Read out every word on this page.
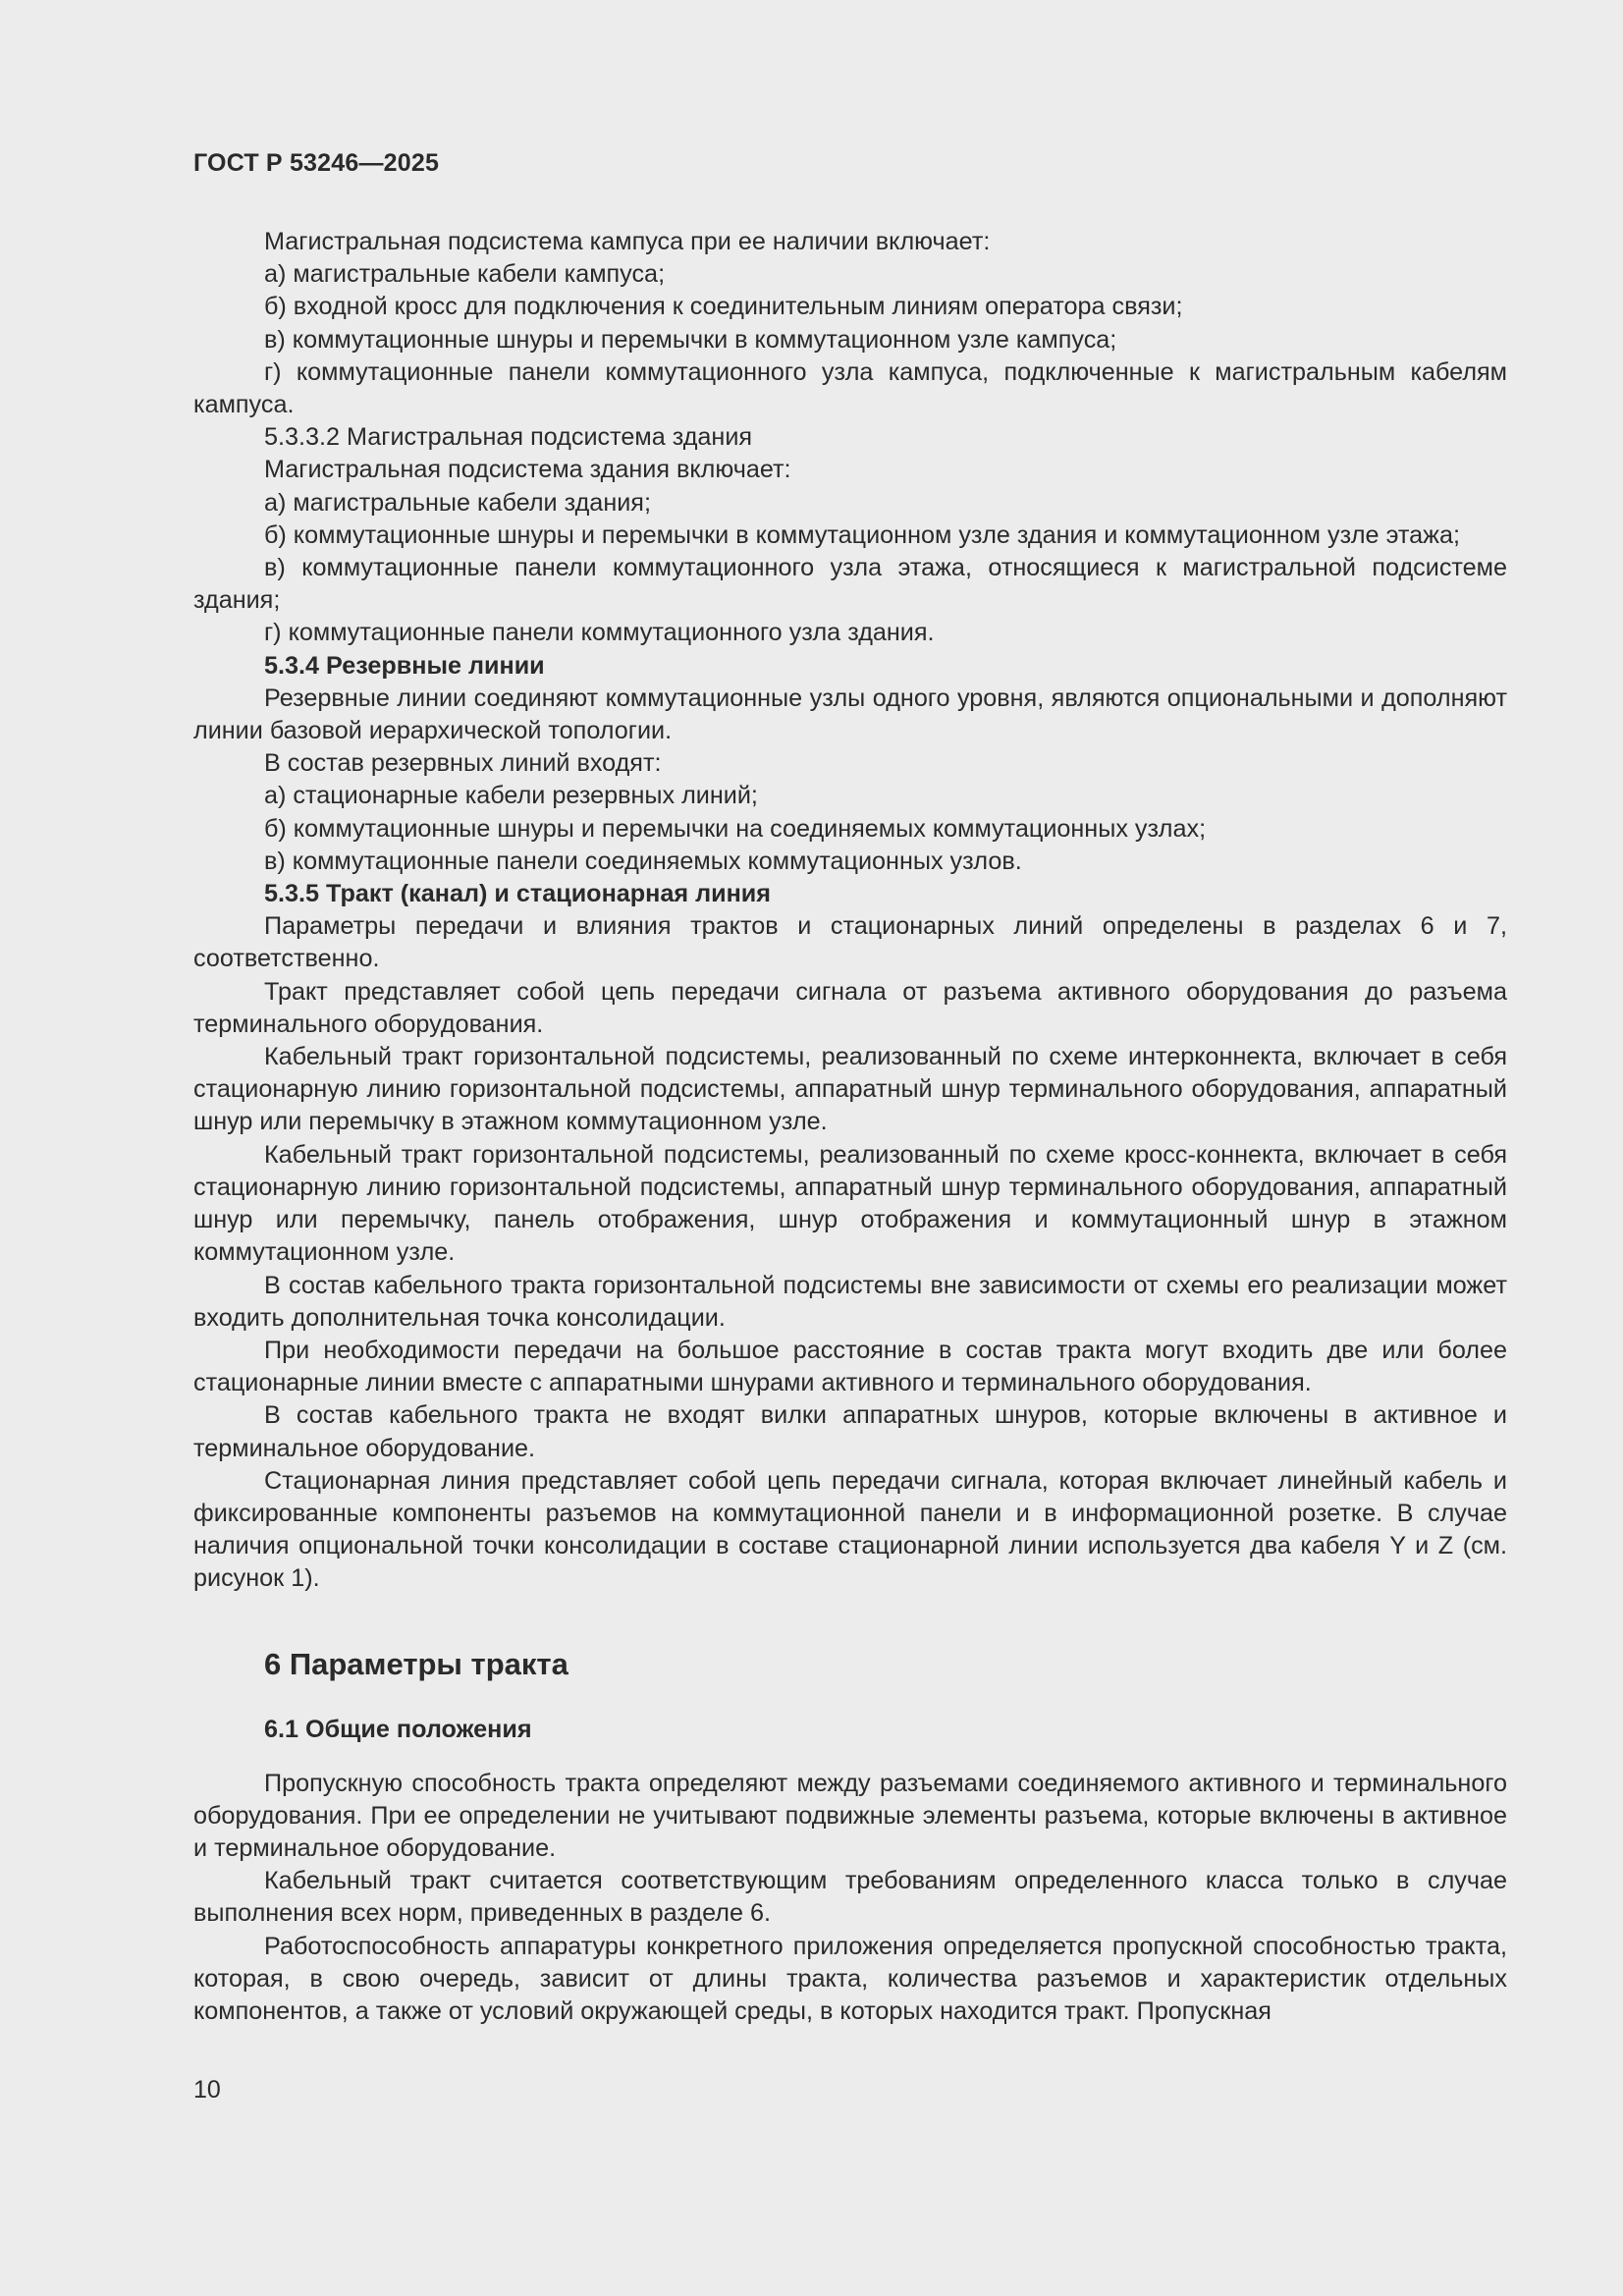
ГОСТ Р 53246—2025

Магистральная подсистема кампуса при ее наличии включает:

а) магистральные кабели кампуса;

б) входной кросс для подключения к соединительным линиям оператора связи;

в) коммутационные шнуры и перемычки в коммутационном узле кампуса;

г) коммутационные панели коммутационного узла кампуса, подключенные к магистральным кабелям кампуса.

5.3.3.2 Магистральная подсистема здания

Магистральная подсистема здания включает:

а) магистральные кабели здания;

б) коммутационные шнуры и перемычки в коммутационном узле здания и коммутационном узле этажа;

в) коммутационные панели коммутационного узла этажа, относящиеся к магистральной подсистеме здания;

г) коммутационные панели коммутационного узла здания.

5.3.4 Резервные линии

Резервные линии соединяют коммутационные узлы одного уровня, являются опциональными и дополняют линии базовой иерархической топологии.

В состав резервных линий входят:

а) стационарные кабели резервных линий;

б) коммутационные шнуры и перемычки на соединяемых коммутационных узлах;

в) коммутационные панели соединяемых коммутационных узлов.

5.3.5 Тракт (канал) и стационарная линия

Параметры передачи и влияния трактов и стационарных линий определены в разделах 6 и 7, соответственно.

Тракт представляет собой цепь передачи сигнала от разъема активного оборудования до разъема терминального оборудования.

Кабельный тракт горизонтальной подсистемы, реализованный по схеме интерконнекта, включает в себя стационарную линию горизонтальной подсистемы, аппаратный шнур терминального оборудования, аппаратный шнур или перемычку в этажном коммутационном узле.

Кабельный тракт горизонтальной подсистемы, реализованный по схеме кросс-коннекта, включает в себя стационарную линию горизонтальной подсистемы, аппаратный шнур терминального оборудования, аппаратный шнур или перемычку, панель отображения, шнур отображения и коммутационный шнур в этажном коммутационном узле.

В состав кабельного тракта горизонтальной подсистемы вне зависимости от схемы его реализации может входить дополнительная точка консолидации.

При необходимости передачи на большое расстояние в состав тракта могут входить две или более стационарные линии вместе с аппаратными шнурами активного и терминального оборудования.

В состав кабельного тракта не входят вилки аппаратных шнуров, которые включены в активное и терминальное оборудование.

Стационарная линия представляет собой цепь передачи сигнала, которая включает линейный кабель и фиксированные компоненты разъемов на коммутационной панели и в информационной розетке. В случае наличия опциональной точки консолидации в составе стационарной линии используется два кабеля Y и Z (см. рисунок 1).

6 Параметры тракта
6.1 Общие положения

Пропускную способность тракта определяют между разъемами соединяемого активного и терминального оборудования. При ее определении не учитывают подвижные элементы разъема, которые включены в активное и терминальное оборудование.

Кабельный тракт считается соответствующим требованиям определенного класса только в случае выполнения всех норм, приведенных в разделе 6.

Работоспособность аппаратуры конкретного приложения определяется пропускной способностью тракта, которая, в свою очередь, зависит от длины тракта, количества разъемов и характеристик отдельных компонентов, а также от условий окружающей среды, в которых находится тракт. Пропускная

10
